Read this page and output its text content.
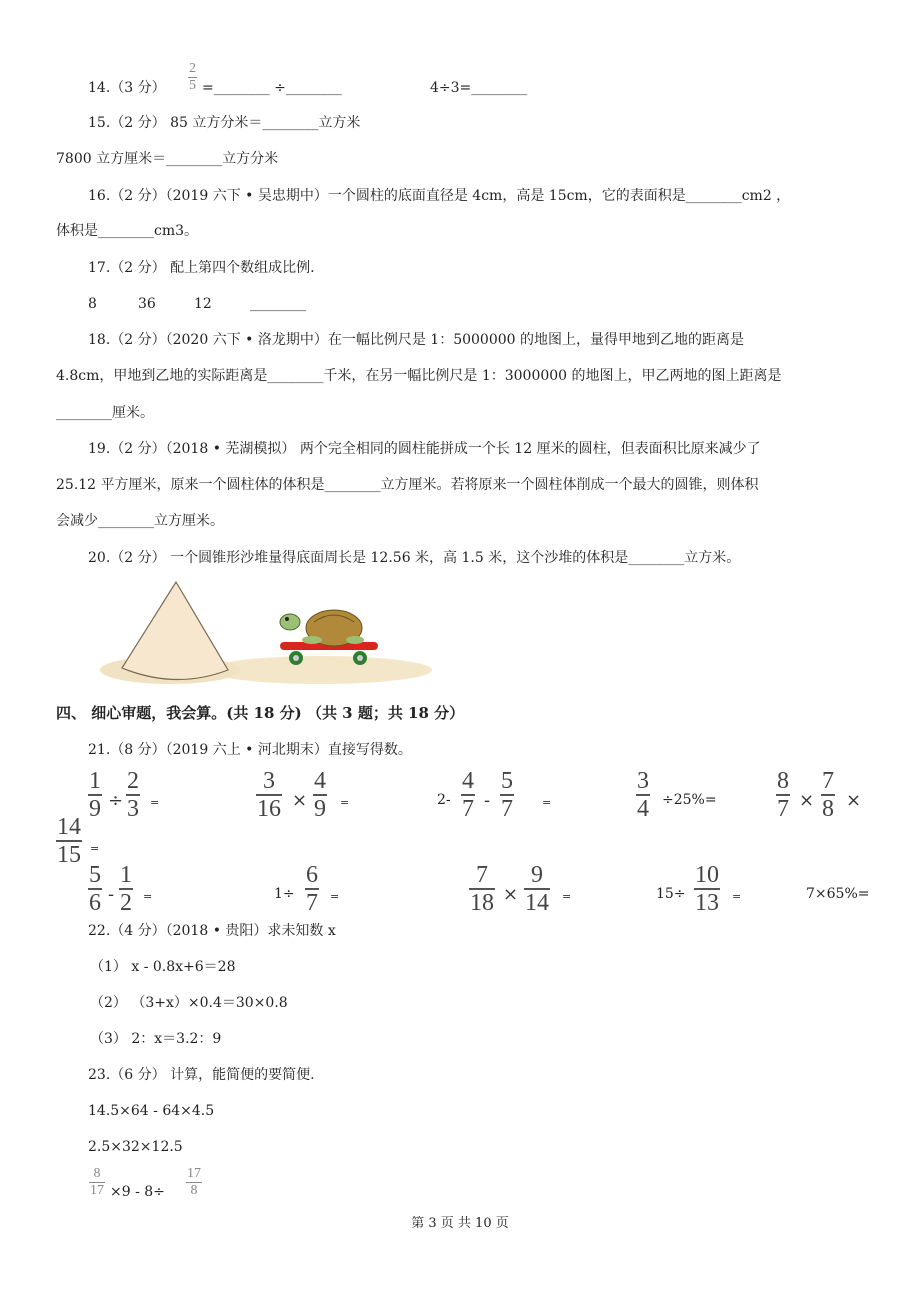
14.（3 分）
2
5 =________ ÷________	4÷3=________
15.（2 分） 85 立方分米＝________立方米
7800 立方厘米＝________立方分米
16.（2 分）（2019 六下 • 吴忠期中）一个圆柱的底面直径是 4cm，高是 15cm，它的表面积是________cm2 ，
体积是________cm3。
17.（2 分） 配上第四个数组成比例.
8	36	12	________
18.（2 分）（2020 六下 • 洛龙期中）在一幅比例尺是 1：5000000 的地图上，量得甲地到乙地的距离是
4.8cm，甲地到乙地的实际距离是________千米，在另一幅比例尺是 1：3000000 的地图上，甲乙两地的图上距离是
________厘米。
19.（2 分）（2018 • 芜湖模拟） 两个完全相同的圆柱能拼成一个长 12 厘米的圆柱，但表面积比原来减少了
25.12 平方厘米，原来一个圆柱体的体积是________立方厘米。若将原来一个圆柱体削成一个最大的圆锥，则体积
会减少________立方厘米。
20.（2 分） 一个圆锥形沙堆量得底面周长是 12.56 米，高 1.5 米，这个沙堆的体积是________立方米。
四、 细心审题，我会算。(共 18 分) （共 3 题；共 18 分）
21.（8 分）（2019 六上 • 河北期末）直接写得数。
1
9 ÷
2
3 =
3
16 ×
4
9 =	2-
4
7 -
5
7	=
3
4 ÷25%=
8
7 ×
7
8 ×
14
15 =
5
6 -
1
2 =	1÷
6
7 =
7
18 ×
9
14 =	15÷
10
13 =	7×65%=
22.（4 分）（2018 • 贵阳）求未知数 x
（1） x - 0.8x+6＝28
（2） （3+x）×0.4＝30×0.8
（3） 2：x＝3.2：9
23.（6 分） 计算，能简便的要简便.
14.5×64 - 64×4.5
2.5×32×12.5
8
17 ×9 - 8÷
17
8
第 3 页 共 10 页
